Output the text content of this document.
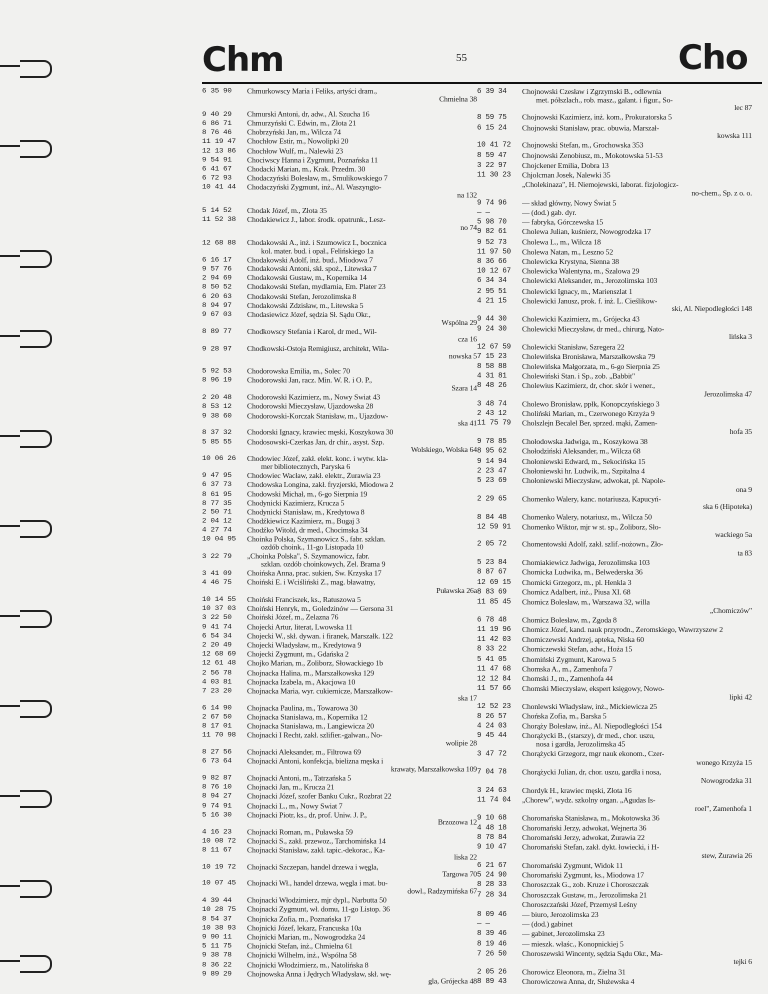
Chm	55	Cho
6 35 90	Chmurkowscy Maria i Feliks, artyści dram.,
Chmielna 38
9 40 29	Chmurski Antoni, dr, adw., Al. Szucha 16
6 86 71	Chmurzyński C. Edwin, m., Złota 21
8 76 46	Chobrzyński Jan, m., Wilcza 74
11 19 47	Chochłow Estir, m., Nowolipki 20
12 13 86	Chochłow Wulf, m., Nalewki 23
9 54 91	Chociwscy Hanna i Zygmunt, Poznańska 11
6 41 67	Chodacki Marian, m., Krak. Przedm. 30
6 72 93	Chodaczyński Bolesław, m., Smulikowskiego 7
10 41 44	Chodaczyński Zygmunt, inż., Al. Waszyngto-
na 132
5 14 52	Chodak Józef, m., Złota 35
11 52 38	Chodakiewicz J., labor. środk. opatrunk., Lesz-
no 74
12 68 88	Chodakowski A., inż. i Szumowicz I., bocznica
kol. mater. bud. i opał., Felińskiego 1a
6 16 17	Chodakowski Adolf, inż. bud., Miodowa 7
9 57 76	Chodakowski Antoni, skł. spoż., Litewska 7
2 94 69	Chodakowski Gustaw, m., Kopernika 14
8 50 52	Chodakowski Stefan, mydlarnia, Em. Plater 23
6 20 63	Chodakowski Stefan, Jerozolimska 8
8 94 97	Chodakowski Zdzisław, m., Litewska 5
9 67 03	Chodasiewicz Józef, sędzia Sł. Sądu Okr.,
Wspólna 29
8 89 77	Chodkowscy Stefania i Karol, dr med., Wil-
cza 16
9 28 97	Chodkowski-Ostoja Remigiusz, architekt, Wila-
nowska 5
5 92 53	Chodorowska Emilia, m., Solec 70
8 96 19	Chodorowski Jan, racz. Min. W. R. i O. P.,
Szara 14
2 20 48	Chodorowski Kazimierz, m., Nowy Świat 43
8 53 12	Chodorowski Mieczysław, Ujazdowska 28
9 38 60	Chodorowski-Korczak Stanisław, m., Ujazdow-
ska 41
8 37 32	Chodorski Ignacy, krawiec męski, Koszykowa 30
5 85 55	Chodosowski-Czerkas Jan, dr chir., asyst. Szp.
Wolskiego, Wolska 64
10 06 26	Chodowiec Józef, zakł. elekt. konc. i wytw. kla-
mer bibliotecznych, Paryska 6
9 47 95	Chodowiec Wacław, zakł. elektr., Żurawia 23
6 37 73	Chodowska Longina, zakł. fryzjerski, Miodowa 2
8 61 95	Chodowski Michał, m., 6-go Sierpnia 19
8 77 35	Chodynicki Kazimierz, Krucza 5
2 50 71	Chodynicki Stanisław, m., Kredytowa 8
2 04 12	Chodźkiewicz Kazimierz, m., Bugaj 3
4 27 74	Chodźko Witold, dr med., Chocimska 34
10 04 95	Choinka Polska, Szymanowicz S., fabr. szklan.
ozdób choink., 11-go Listopada 10
3 22 79	„Choinka Polska", S. Szymanowicz, fabr.
szklan. ozdób choinkowych, Zel. Brama 9
3 41 09	Choińska Anna, prac. sukien, Św. Krzyska 17
4 46 75	Choiński E. i Wciśliński Z., mag. bławatny,
Puławska 26a
10 14 55	Choiński Franciszek, ks., Ratuszowa 5
10 37 03	Choiński Henryk, m., Goledzinów — Gersona 31
3 22 50	Choiński Józef, m., Żelazna 76
9 41 74	Chojecki Artur, literat, Lwowska 11
6 54 34	Chojecki W., skł. dywan. i firanek, Marszałk. 122
2 20 49	Chojecki Władysław, m., Kredytowa 9
12 68 69	Chojecki Zygmunt, m., Gdańska 2
12 61 48	Chojko Marian, m., Żoliborz, Słowackiego 1b
2 56 78	Chojnacka Halina, m., Marszałkowska 129
4 03 81	Chojnacka Izabela, m., Akacjowa 10
7 23 20	Chojnacka Maria, wyr. cukiernicze, Marszałkow-
ska 17
6 14 90	Chojnacka Paulina, m., Towarowa 30
2 67 50	Chojnacka Stanisława, m., Kopernika 12
8 17 01	Chojnacka Stanisława, m., Langiewicza 20
11 70 98	Chojnacki I Recht, zakł. szlifier.-galwan., No-
wolipie 28
8 27 56	Chojnacki Aleksander, m., Filtrowa 69
6 73 64	Chojnacki Antoni, konfekcja, bielizna męska i
krawaty, Marszałkowska 109
9 82 87	Chojnacki Antoni, m., Tatrzańska 5
8 76 10	Chojnacki Jan, m., Krucza 21
8 94 27	Chojnacki Józef, szofer Banku Cukr., Rozbrat 22
9 74 91	Chojnacki L., m., Nowy Świat 7
5 16 30	Chojnacki Piotr, ks., dr, prof. Uniw. J. P.,
Brzozowa 12
4 16 23	Chojnacki Roman, m., Puławska 59
10 08 72	Chojnacki S., zakł. przewoz., Tarchomińska 14
8 11 67	Chojnacki Stanisław, zakł. tapic.-dekorac., Ka-
liska 22
10 19 72	Chojnacki Szczepan, handel drzewa i węgla,
Targowa 70
10 07 45	Chojnacki Wł., handel drzewa, węgla i mat. bu-
dowl., Radzymińska 67
4 39 44	Chojnacki Włodzimierz, mjr dypl., Narbutta 50
10 28 75	Chojnacki Zygmunt, wł. domu, 11-go Listop. 36
8 54 37	Chojnicka Zofia, m., Poznańska 17
10 38 93	Chojnicki Józef, lekarz, Francuska 10a
9 90 11	Chojnicki Marian, m., Nowogrodzka 24
5 11 75	Chojnicki Stefan, inż., Chmielna 61
9 38 78	Chojnicki Wilhelm, inż., Wspólna 58
8 36 22	Chojnicki Włodzimierz, m., Natolińska 8
9 89 29	Chojnowska Anna i Jędrych Władysław, skł. wę-
gla, Grójecka 48
6 39 34	Chojnowski Czesław i Zgrzymski B., odlewnia
met. półszlach., rob. masz., galant. i figur., So-
lec 87
8 59 75	Chojnowski Kazimierz, inż. kom., Prokuratorska 5
6 15 24	Chojnowski Stanisław, prac. obuwia, Marszał-
kowska 111
10 41 72	Chojnowski Stefan, m., Grochowska 353
8 59 47	Chojnowski Zenobiusz, m., Mokotowska 51-53
3 22 97	Chojckener Emilia, Dobra 13
11 30 23	Chjolcman Josek, Nalewki 35
„Cholekinaza", H. Niemojewski, laborat. fizjologicz-
no-chem., Sp. z o. o.
9 74 96	— skład główny, Nowy Świat 5
— —	— (dod.) gab. dyr.
5 98 70	— fabryka, Górczewska 15
9 82 61	Cholewa Julian, kuśnierz, Nowogrodzka 17
9 52 73	Cholewa L., m., Wilcza 18
11 97 50	Cholewa Natan, m., Leszno 52
8 36 66	Cholewicka Krystyna, Sienna 38
10 12 67	Cholewicka Walentyna, m., Szalowa 29
6 34 34	Cholewicki Aleksander, m., Jerozolimska 103
2 95 51	Cholewicki Ignacy, m., Marienszlat 1
4 21 15	Cholewicki Janusz, prok. f. inż. L. Cieślikow-
ski, Al. Niepodległości 148
9 44 30	Cholewicki Kazimierz, m., Grójecka 43
9 24 30	Cholewicki Mieczysław, dr med., chirurg, Nato-
lińska 3
12 67 59	Cholewicki Stanisław, Szregera 22
7 15 23	Cholewińska Bronisława, Marszałkowska 79
8 58 88	Cholewińska Małgorzata, m., 6-go Sierpnia 25
4 31 81	Cholewiński Stan. i Sp., zob. „Babbit"
8 48 26	Cholewius Kazimierz, dr, chor. skór i wener.,
Jerozolimska 47
3 48 74	Cholewo Bronisław, ppłk, Konopczyńskiego 3
2 43 12	Choliński Marian, m., Czerwonego Krzyża 9
11 75 79	Cholszlejn Becalel Ber, sprzed. mąki, Zamen-
hofa 35
9 78 85	Chołodowska Jadwiga, m., Koszykowa 38
8 95 62	Chołodziński Aleksander, m., Wilcza 68
9 14 94	Chołoniewski Edward, m., Sekocińska 15
2 23 47	Chołoniewski hr. Ludwik, m., Szpitalna 4
5 23 69	Chołoniewski Mieczysław, adwokat, pl. Napole-
ona 9
2 29 65	Chomenko Walery, kanc. notariusza, Kapucyń-
ska 6 (Hipoteka)
8 84 48	Chomenko Walery, notariusz, m., Wilcza 50
12 59 91	Chomenko Wiktor, mjr w st. sp., Żoliborz, Sło-
wackiego 5a
2 05 72	Chomentowski Adolf, zakł. szlif.-nożown., Zło-
ta 83
5 23 84	Chomiakiewicz Jadwiga, Jerozolimska 103
8 87 67	Chomicka Ludwika, m., Belwederska 36
12 69 15	Chomicki Grzegorz, m., pl. Henkla 3
8 83 69	Chomicz Adalbert, inż., Piusa XI. 68
11 85 45	Chomicz Bolesław, m., Warszawa 32, willa
„Chomiczów"
6 78 48	Chomicz Bolesław, m., Zgoda 8
11 19 96	Chomicz Józef, kand. nauk przyrodn., Żeromskiego, Wawrzyszew 2
11 42 03	Chomiczewski Andrzej, apteka, Niska 60
8 33 22	Chomiczewski Stefan, adw., Hoża 15
5 41 05	Chomiński Zygmunt, Karowa 5
11 47 68	Chomska A., m., Zamenhofa 7
12 12 84	Chomski J., m., Zamenhofa 44
11 57 66	Chomski Mieczysław, ekspert księgowy, Nowo-
lipki 42
12 52 23	Chonlewski Władysław, inż., Mickiewicza 25
8 26 57	Chońska Zofia, m., Barska 5
4 24 03	Chorąży Bolesław, inż., Al. Niepodległości 154
9 45 44	Chorążycki B., (starszy), dr med., chor. uszu,
nosa i gardła, Jerozolimska 45
3 47 72	Chorążycki Grzegorz, mgr nauk ekonom., Czer-
wonego Krzyża 15
7 04 78	Chorążycki Julian, dr, chor. uszu, gardła i nosa,
Nowogrodzka 31
3 24 63	Chordyk H., krawiec męski, Złota 16
11 74 04	„Chorew", wydz. szkolny organ. „Agudas Is-
roel", Zamenhofa 1
9 10 68	Choromańska Stanisława, m., Mokotowska 36
4 48 18	Choromański Jerzy, adwokat, Wejnerta 36
8 78 84	Choromański Jerzy, adwokat, Żurawia 22
9 10 47	Choromański Stefan, zakł. dykt. łowiecki, i H-
stew, Żurawia 26
6 21 67	Choromański Zygmunt, Widok 11
5 24 90	Choromański Zygmunt, ks., Miodowa 17
8 28 33	Choroszczak G., zob. Kruze i Choroszczak
7 28 34	Choroszczak Gustaw, m., Jerozolimska 21
Choroszczański Józef, Przemysł Leśny
8 09 46	— biuro, Jerozolimska 23
— —	— (dod.) gabinet
8 39 46	— gabinet, Jerozolimska 23
8 19 46	— mieszk. właśc., Konopnickiej 5
7 26 50	Choroszewski Wincenty, sędzia Sądu Okr., Ma-
tejki 6
2 05 26	Chorowicz Eleonora, m., Zielna 31
8 89 43	Chorowiczowa Anna, dr, Służewska 4
